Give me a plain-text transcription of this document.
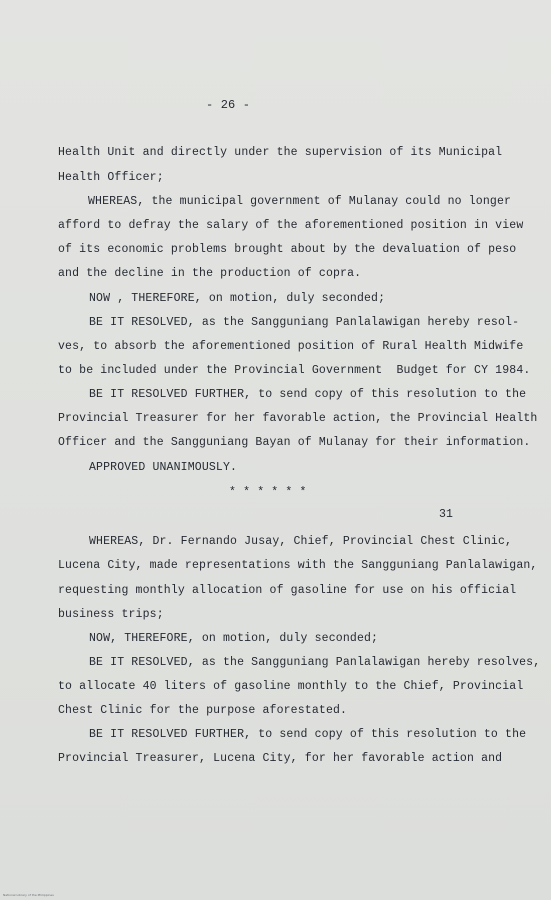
- 26 -
Health Unit and directly under the supervision of its Municipal
Health Officer;
WHEREAS, the municipal government of Mulanay could no longer
afford to defray the salary of the aforementioned position in view
of its economic problems brought about by the devaluation of peso
and the decline in the production of copra.
NOW , THEREFORE, on motion, duly seconded;
BE IT RESOLVED, as the Sangguniang Panlalawigan hereby resol-
ves, to absorb the aforementioned position of Rural Health Midwife
to be included under the Provincial Government  Budget for CY 1984.
BE IT RESOLVED FURTHER, to send copy of this resolution to the
Provincial Treasurer for her favorable action, the Provincial Health
Officer and the Sangguniang Bayan of Mulanay for their information.
APPROVED UNANIMOUSLY.
* * * * * *
31
WHEREAS, Dr. Fernando Jusay, Chief, Provincial Chest Clinic,
Lucena City, made representations with the Sangguniang Panlalawigan,
requesting monthly allocation of gasoline for use on his official
business trips;
NOW, THEREFORE, on motion, duly seconded;
BE IT RESOLVED, as the Sangguniang Panlalawigan hereby resolves,
to allocate 40 liters of gasoline monthly to the Chief, Provincial
Chest Clinic for the purpose aforestated.
BE IT RESOLVED FURTHER, to send copy of this resolution to the
Provincial Treasurer, Lucena City, for her favorable action and
National Library of the Philippines
